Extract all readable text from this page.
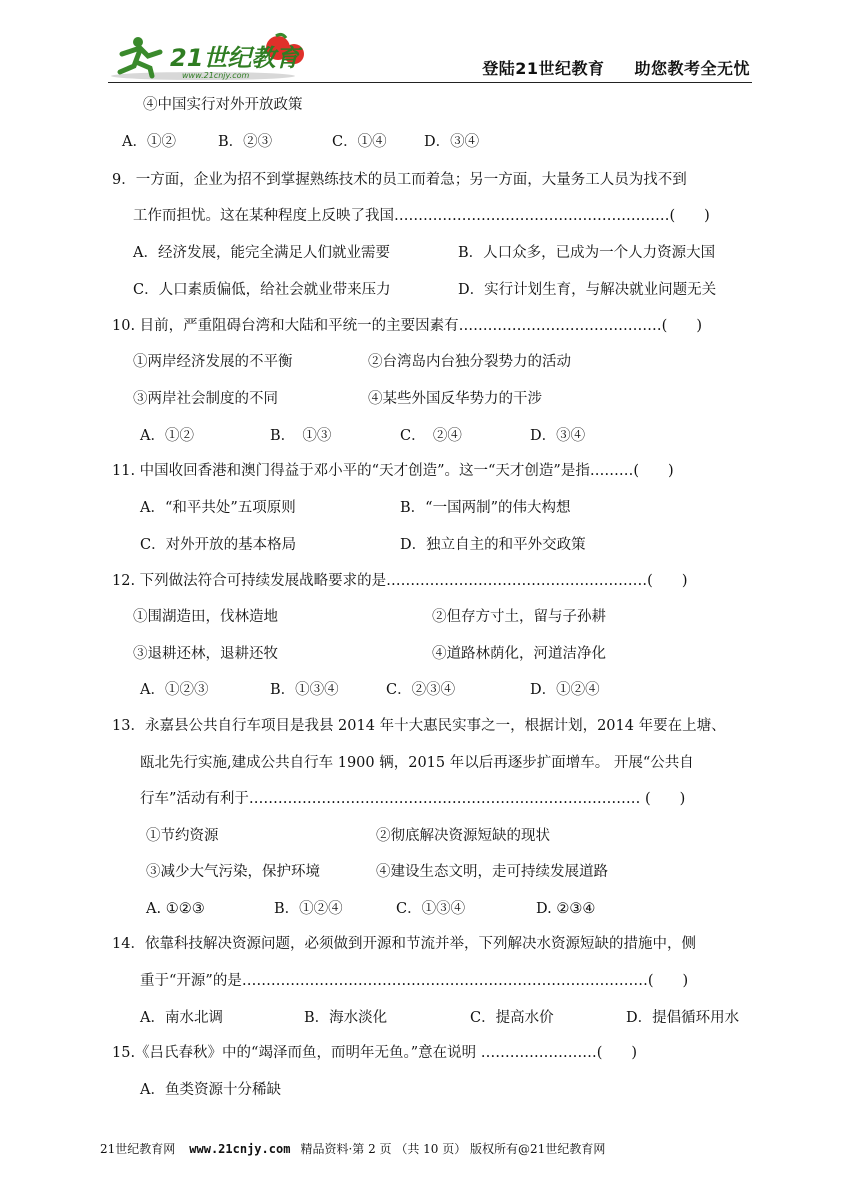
21世纪教育
www.21cnjy.com	登陆21世纪教育 助您教考全无忧
④中国实行对外开放政策
A．①②	B．②③	C．①④	D．③④
9．一方面，企业为招不到掌握熟练技术的员工而着急；另一方面，大量务工人员为找不到
工作而担忧。这在某种程度上反映了我国…………………………………………………(　　)
A．经济发展，能完全满足人们就业需要	B．人口众多，已成为一个人力资源大国
C．人口素质偏低，给社会就业带来压力	D．实行计划生育，与解决就业问题无关
10. 目前，严重阻碍台湾和大陆和平统一的主要因素有……………………………………(　　)
①两岸经济发展的不平衡	②台湾岛内台独分裂势力的活动
③两岸社会制度的不同	④某些外国反华势力的干涉
A．①②	B．　①③	C．　②④	D．③④
11. 中国收回香港和澳门得益于邓小平的“天才创造”。这一“天才创造”是指………(　　)
A．“和平共处”五项原则	B．“一国两制”的伟大构想
C．对外开放的基本格局	D．独立自主的和平外交政策
12. 下列做法符合可持续发展战略要求的是………………………………………………(　　)
①围湖造田，伐林造地	②但存方寸土，留与子孙耕
③退耕还林，退耕还牧	④道路林荫化，河道洁净化
A．①②③	B．①③④	C．②③④	D．①②④
13．永嘉县公共自行车项目是我县 2014 年十大惠民实事之一，根据计划，2014 年要在上塘、
瓯北先行实施,建成公共自行车 1900 辆，2015 年以后再逐步扩面增车。 开展“公共自
行车”活动有利于……………………………………………………………………… (　　)
①节约资源	②彻底解决资源短缺的现状
③减少大气污染，保护环境	④建设生态文明，走可持续发展道路
A. ①②③	B．①②④	C．①③④	D. ②③④
14．依靠科技解决资源问题，必须做到开源和节流并举，下列解决水资源短缺的措施中，侧
重于“开源”的是…………………………………………………………………………(　　)
A．南水北调	B．海水淡化	C．提高水价	D．提倡循环用水
15.《吕氏春秋》中的“竭泽而鱼，而明年无鱼。”意在说明 ……………………(　　)
A．鱼类资源十分稀缺
21世纪教育网 www.21cnjy.com 精品资料·第 2 页 （共 10 页） 版权所有@21世纪教育网
